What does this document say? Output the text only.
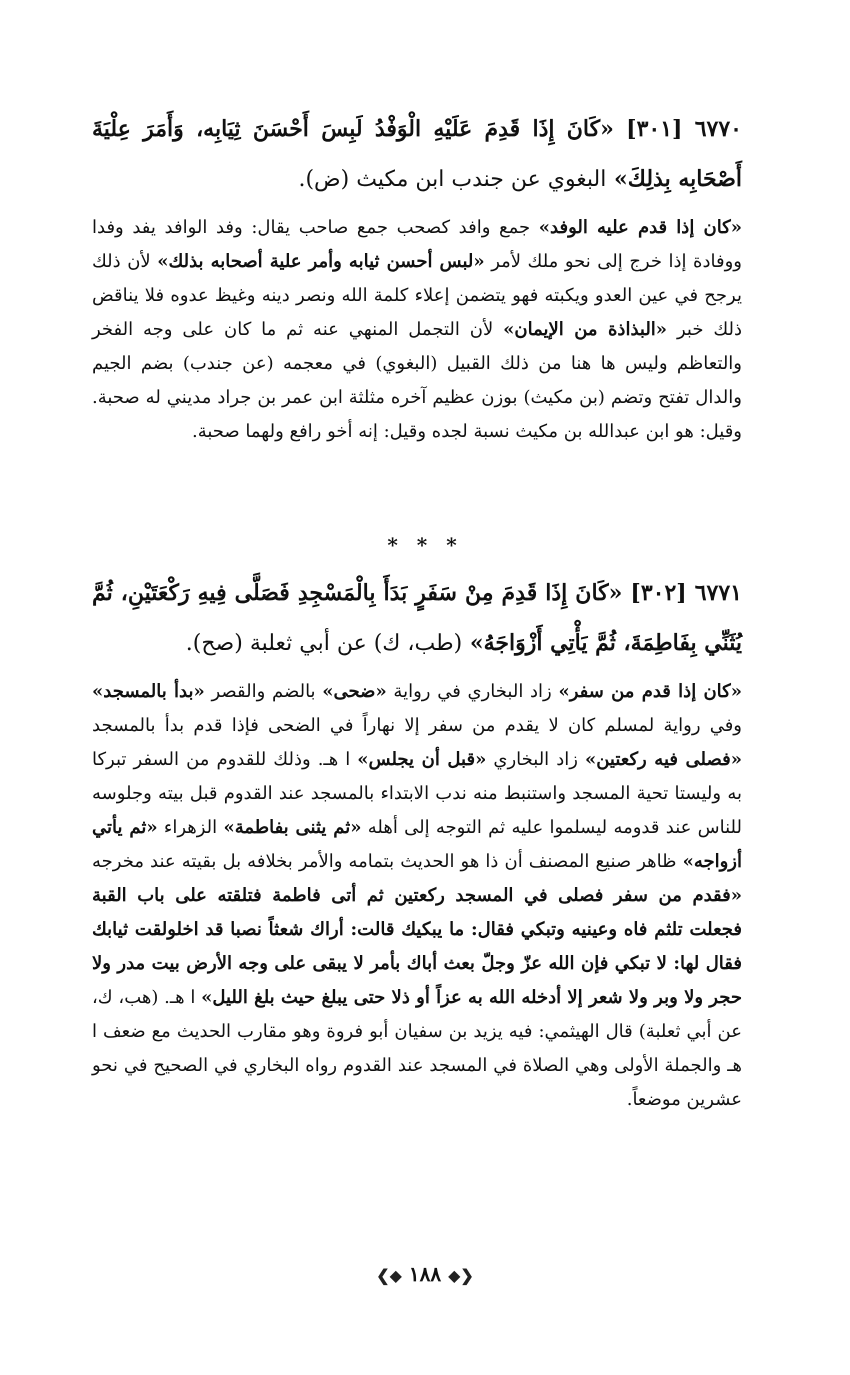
٦٧٧٠ [٣٠١] «كَانَ إِذَا قَدِمَ عَلَيْهِ الْوَفْدُ لَبِسَ أَحْسَنَ ثِيَابِه، وَأَمَرَ عِلْيَةَ أَصْحَابِه بِذلِكَ» البغوي عن جندب ابن مكيث (ض).
«كان إذا قدم عليه الوفد» جمع وافد كصحب جمع صاحب يقال: وفد الوافد يفد وفدا ووفادة إذا خرج إلى نحو ملك لأمر «لبس أحسن ثيابه وأمر علية أصحابه بذلك» لأن ذلك يرجح في عين العدو ويكبته فهو يتضمن إعلاء كلمة الله ونصر دينه وغيظ عدوه فلا يناقض ذلك خبر «البذاذة من الإيمان» لأن التجمل المنهي عنه ثم ما كان على وجه الفخر والتعاظم وليس ها هنا من ذلك القبيل (البغوي) في معجمه (عن جندب) بضم الجيم والدال تفتح وتضم (بن مكيث) بوزن عظيم آخره مثلثة ابن عمر بن جراد مديني له صحبة. وقيل: هو ابن عبدالله بن مكيث نسبة لجده وقيل: إنه أخو رافع ولهما صحبة.
* * *
٦٧٧١ [٣٠٢] «كَانَ إِذَا قَدِمَ مِنْ سَفَرٍ بَدَأَ بِالْمَسْجِدِ فَصَلَّى فِيهِ رَكْعَتَيْنِ، ثُمَّ يُثَنِّي بِفَاطِمَةَ، ثُمَّ يَأْتِي أَزْوَاجَهُ» (طب، ك) عن أبي ثعلبة (صح).
«كان إذا قدم من سفر» زاد البخاري في رواية «ضحى» بالضم والقصر «بدأ بالمسجد» وفي رواية لمسلم كان لا يقدم من سفر إلا نهاراً في الضحى فإذا قدم بدأ بالمسجد «فصلى فيه ركعتين» زاد البخاري «قبل أن يجلس» ا هـ. وذلك للقدوم من السفر تبركا به وليستا تحية المسجد واستنبط منه ندب الابتداء بالمسجد عند القدوم قبل بيته وجلوسه للناس عند قدومه ليسلموا عليه ثم التوجه إلى أهله «ثم يثنى بفاطمة» الزهراء «ثم يأتي أزواجه» ظاهر صنيع المصنف أن ذا هو الحديث بتمامه والأمر بخلافه بل بقيته عند مخرجه «فقدم من سفر فصلى في المسجد ركعتين ثم أتى فاطمة فتلقته على باب القبة فجعلت تلثم فاه وعينيه وتبكي فقال: ما يبكيك قالت: أراك شعثاً نصبا قد اخلولقت ثيابك فقال لها: لا تبكي فإن الله عزّ وجلّ بعث أباك بأمر لا يبقى على وجه الأرض بيت مدر ولا حجر ولا وبر ولا شعر إلا أدخله الله به عزاً أو ذلا حتى يبلغ حيث بلغ الليل» ا هـ. (هب، ك، عن أبي ثعلبة) قال الهيثمي: فيه يزيد بن سفيان أبو فروة وهو مقارب الحديث مع ضعف ا هـ والجملة الأولى وهي الصلاة في المسجد عند القدوم رواه البخاري في الصحيح في نحو عشرين موضعاً.
❮◆ ١٨٨ ◆❯
